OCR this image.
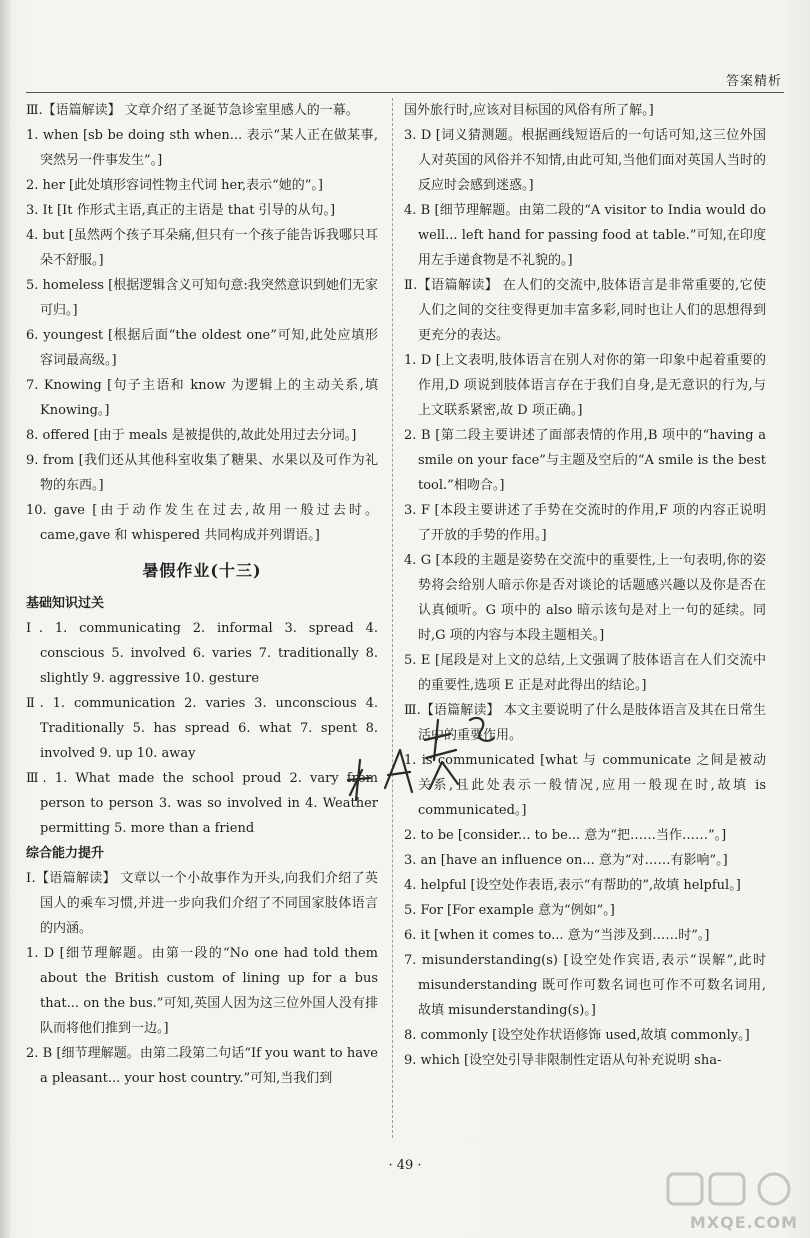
答案精析

Ⅲ.【语篇解读】 文章介绍了圣诞节急诊室里感人的一幕。

1. when [sb be doing sth when... 表示“某人正在做某事,突然另一件事发生”。]

2. her [此处填形容词性物主代词 her,表示“她的”。]

3. It [It 作形式主语,真正的主语是 that 引导的从句。]

4. but [虽然两个孩子耳朵痛,但只有一个孩子能告诉我哪只耳朵不舒服。]

5. homeless [根据逻辑含义可知句意:我突然意识到她们无家可归。]

6. youngest [根据后面“the oldest one”可知,此处应填形容词最高级。]

7. Knowing [句子主语和 know 为逻辑上的主动关系,填 Knowing。]

8. offered [由于 meals 是被提供的,故此处用过去分词。]

9. from [我们还从其他科室收集了糖果、水果以及可作为礼物的东西。]

10. gave [由于动作发生在过去,故用一般过去时。came,gave 和 whispered 共同构成并列谓语。]

暑假作业(十三)

基础知识过关

Ⅰ. 1. communicating 2. informal 3. spread 4. conscious 5. involved 6. varies 7. traditionally 8. slightly 9. aggressive 10. gesture

Ⅱ. 1. communication 2. varies 3. unconscious 4. Traditionally 5. has spread 6. what 7. spent 8. involved 9. up 10. away

Ⅲ. 1. What made the school proud 2. vary from person to person 3. was so involved in 4. Weather permitting 5. more than a friend

综合能力提升

Ⅰ.【语篇解读】 文章以一个小故事作为开头,向我们介绍了英国人的乘车习惯,并进一步向我们介绍了不同国家肢体语言的内涵。

1. D [细节理解题。由第一段的“No one had told them about the British custom of lining up for a bus that... on the bus.”可知,英国人因为这三位外国人没有排队而将他们推到一边。]

2. B [细节理解题。由第二段第二句话“If you want to have a pleasant... your host country.”可知,当我们到

国外旅行时,应该对目标国的风俗有所了解。]

3. D [词义猜测题。根据画线短语后的一句话可知,这三位外国人对英国的风俗并不知情,由此可知,当他们面对英国人当时的反应时会感到迷惑。]

4. B [细节理解题。由第二段的“A visitor to India would do well... left hand for passing food at table.”可知,在印度用左手递食物是不礼貌的。]

Ⅱ.【语篇解读】 在人们的交流中,肢体语言是非常重要的,它使人们之间的交往变得更加丰富多彩,同时也让人们的思想得到更充分的表达。

1. D [上文表明,肢体语言在别人对你的第一印象中起着重要的作用,D 项说到肢体语言存在于我们自身,是无意识的行为,与上文联系紧密,故 D 项正确。]

2. B [第二段主要讲述了面部表情的作用,B 项中的“having a smile on your face”与主题及空后的“A smile is the best tool.”相吻合。]

3. F [本段主要讲述了手势在交流时的作用,F 项的内容正说明了开放的手势的作用。]

4. G [本段的主题是姿势在交流中的重要性,上一句表明,你的姿势将会给别人暗示你是否对谈论的话题感兴趣以及你是否在认真倾听。G 项中的 also 暗示该句是对上一句的延续。同时,G 项的内容与本段主题相关。]

5. E [尾段是对上文的总结,上文强调了肢体语言在人们交流中的重要性,选项 E 正是对此得出的结论。]

Ⅲ.【语篇解读】 本文主要说明了什么是肢体语言及其在日常生活中的重要作用。

1. is communicated [what 与 communicate 之间是被动关系,且此处表示一般情况,应用一般现在时,故填 is communicated。]

2. to be [consider... to be... 意为“把……当作……”。]

3. an [have an influence on... 意为“对……有影响”。]

4. helpful [设空处作表语,表示“有帮助的”,故填 helpful。]

5. For [For example 意为“例如”。]

6. it [when it comes to... 意为“当涉及到……时”。]

7. misunderstanding(s) [设空处作宾语,表示“误解”,此时 misunderstanding 既可作可数名词也可作不可数名词用,故填 misunderstanding(s)。]

8. commonly [设空处作状语修饰 used,故填 commonly。]

9. which [设空处引导非限制性定语从句补充说明 sha-

· 49 ·
MXQE.COM
